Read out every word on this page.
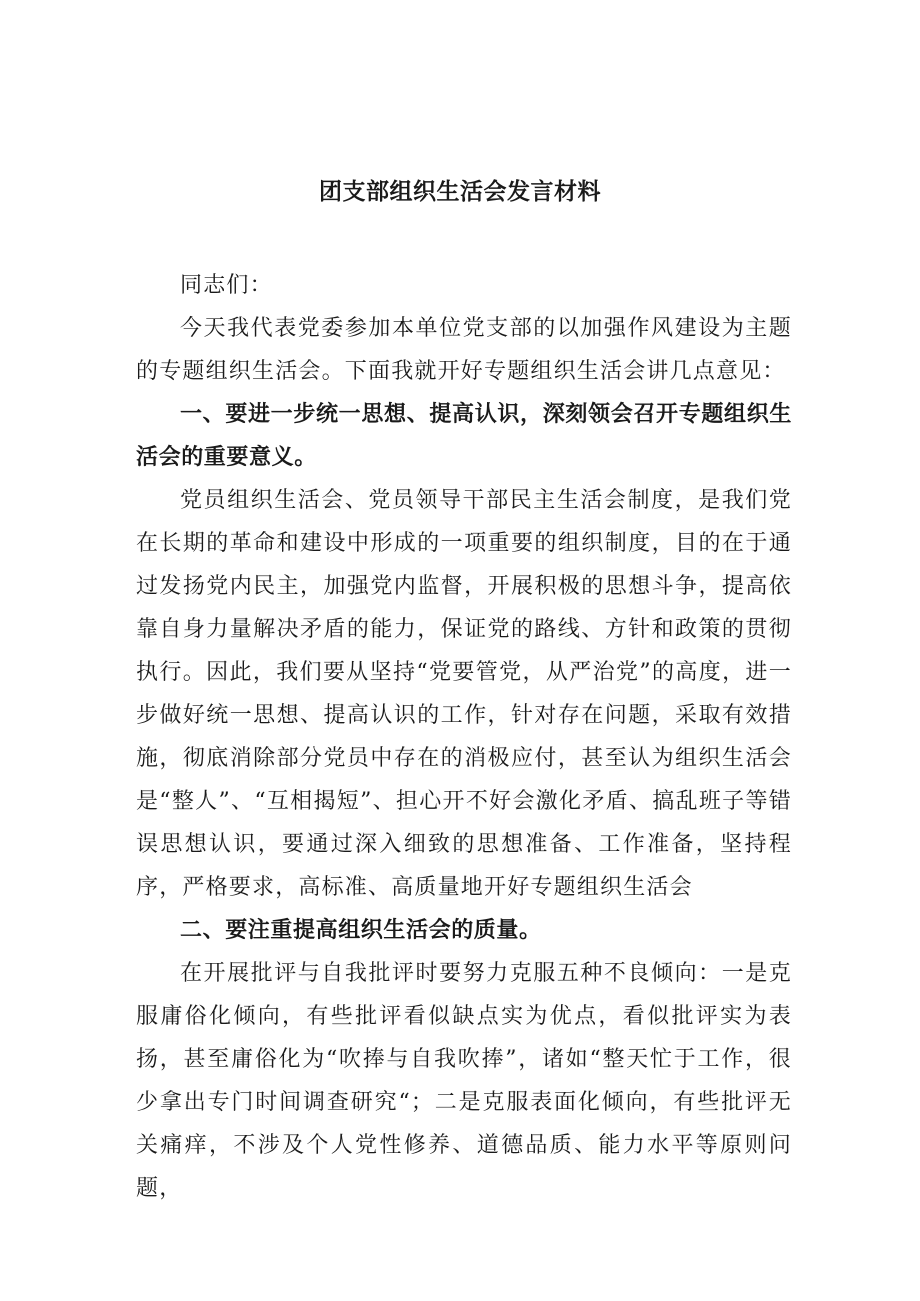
团支部组织生活会发言材料

同志们：

今天我代表党委参加本单位党支部的以加强作风建设为主题的专题组织生活会。下面我就开好专题组织生活会讲几点意见：

一、要进一步统一思想、提高认识，深刻领会召开专题组织生活会的重要意义。

党员组织生活会、党员领导干部民主生活会制度，是我们党在长期的革命和建设中形成的一项重要的组织制度，目的在于通过发扬党内民主，加强党内监督，开展积极的思想斗争，提高依靠自身力量解决矛盾的能力，保证党的路线、方针和政策的贯彻执行。因此，我们要从坚持“党要管党，从严治党”的高度，进一步做好统一思想、提高认识的工作，针对存在问题，采取有效措施，彻底消除部分党员中存在的消极应付，甚至认为组织生活会是“整人”、“互相揭短”、担心开不好会激化矛盾、搞乱班子等错误思想认识，要通过深入细致的思想准备、工作准备，坚持程序，严格要求，高标准、高质量地开好专题组织生活会

二、要注重提高组织生活会的质量。

在开展批评与自我批评时要努力克服五种不良倾向：一是克服庸俗化倾向，有些批评看似缺点实为优点，看似批评实为表扬，甚至庸俗化为“吹捧与自我吹捧”，诸如“整天忙于工作，很少拿出专门时间调查研究“；二是克服表面化倾向，有些批评无关痛痒，不涉及个人党性修养、道德品质、能力水平等原则问题，
